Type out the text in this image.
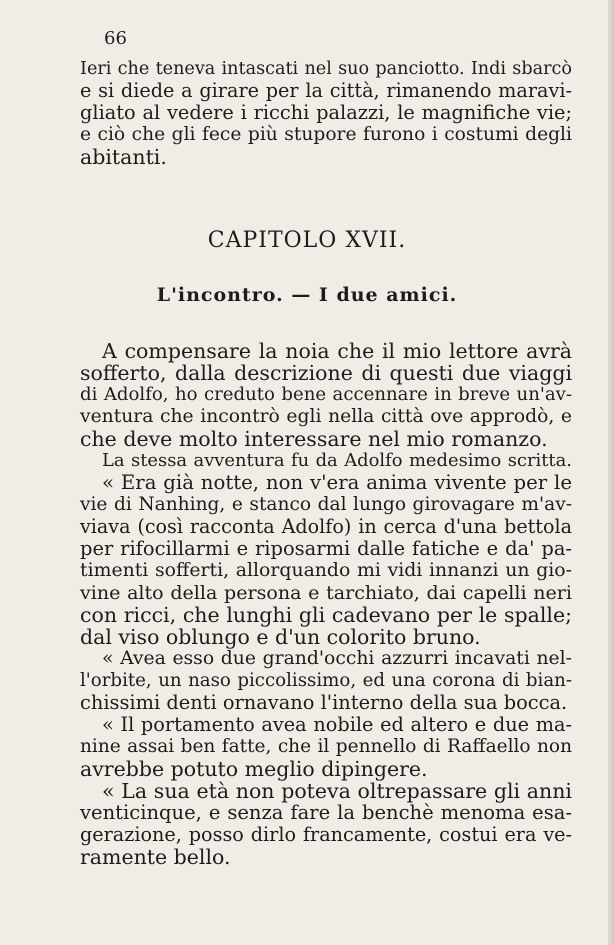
66
Ieri che teneva intascati nel suo panciotto. Indi sbarcò
e si diede a girare per la città, rimanendo maravi-
gliato al vedere i ricchi palazzi, le magnifiche vie;
e ciò che gli fece più stupore furono i costumi degli
abitanti.
CAPITOLO XVII.
L'incontro. — I due amici.
A compensare la noia che il mio lettore avrà
sofferto, dalla descrizione di questi due viaggi
di Adolfo, ho creduto bene accennare in breve un'av-
ventura che incontrò egli nella città ove approdò, e
che deve molto interessare nel mio romanzo.
La stessa avventura fu da Adolfo medesimo scritta.
« Era già notte, non v'era anima vivente per le
vie di Nanhing, e stanco dal lungo girovagare m'av-
viava (così racconta Adolfo) in cerca d'una bettola
per rifocillarmi e riposarmi dalle fatiche e da' pa-
timenti sofferti, allorquando mi vidi innanzi un gio-
vine alto della persona e tarchiato, dai capelli neri
con ricci, che lunghi gli cadevano per le spalle;
dal viso oblungo e d'un colorito bruno.
« Avea esso due grand'occhi azzurri incavati nel-
l'orbite, un naso piccolissimo, ed una corona di bian-
chissimi denti ornavano l'interno della sua bocca.
« Il portamento avea nobile ed altero e due ma-
nine assai ben fatte, che il pennello di Raffaello non
avrebbe potuto meglio dipingere.
« La sua età non poteva oltrepassare gli anni
venticinque, e senza fare la benchè menoma esa-
gerazione, posso dirlo francamente, costui era ve-
ramente bello.
